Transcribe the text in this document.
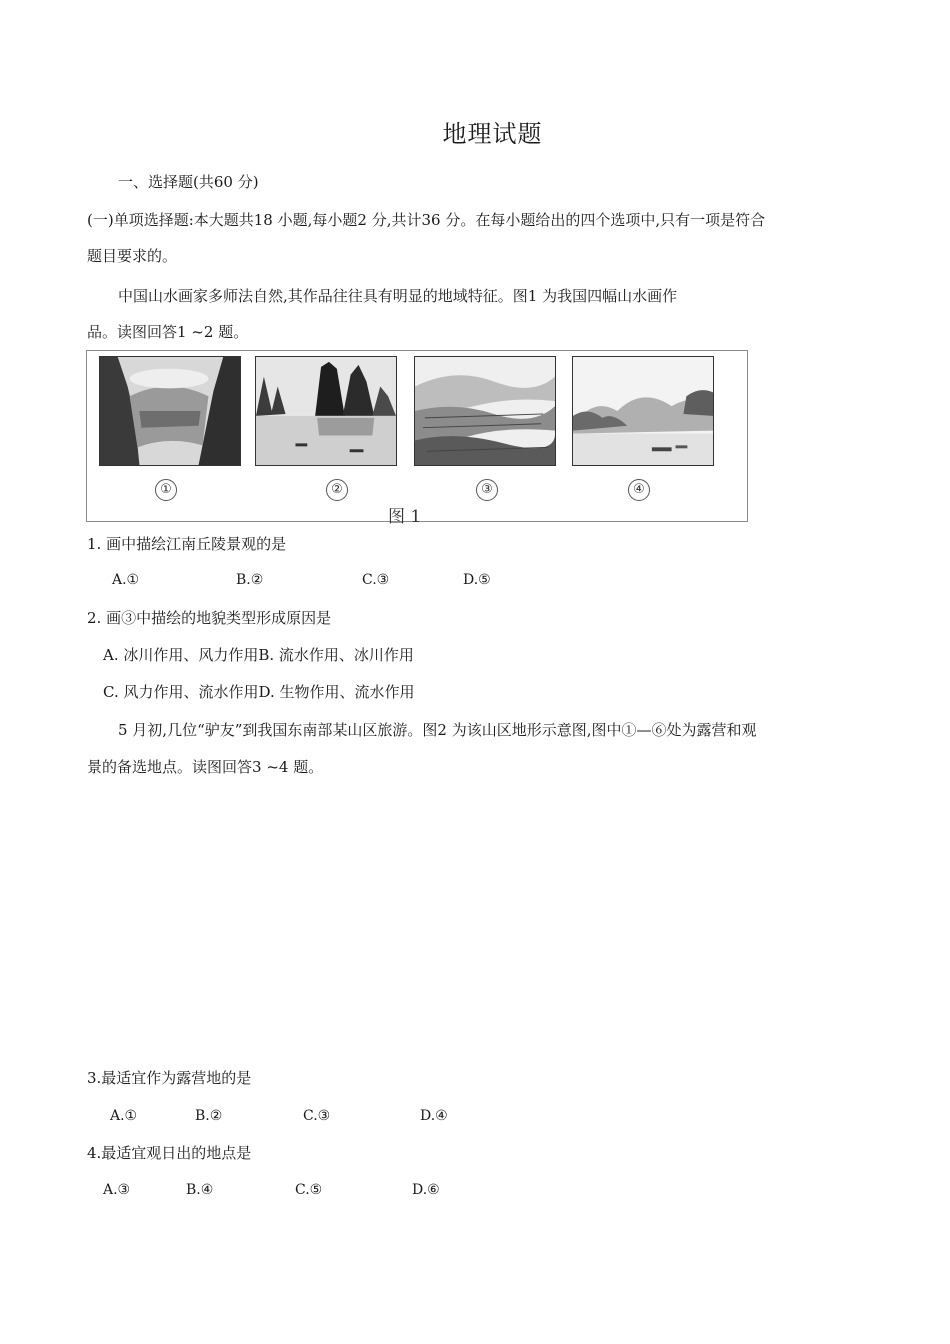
地理试题
一、选择题(共60 分)
(一)单项选择题:本大题共18 小题,每小题2 分,共计36 分。在每小题给出的四个选项中,只有一项是符合
题目要求的。
中国山水画家多师法自然,其作品往往具有明显的地域特征。图1 为我国四幅山水画作
品。读图回答1 ~2 题。
①	②	③	④
图 1
1. 画中描绘江南丘陵景观的是
A.①	B.②	C.③	D.⑤
2. 画③中描绘的地貌类型形成原因是
A. 冰川作用、风力作用B. 流水作用、冰川作用
C. 风力作用、流水作用D. 生物作用、流水作用
5 月初,几位“驴友”到我国东南部某山区旅游。图2 为该山区地形示意图,图中①—⑥处为露营和观
景的备选地点。读图回答3 ~4 题。
3.最适宜作为露营地的是
A.①	B.②	C.③	D.④
4.最适宜观日出的地点是
A.③	B.④	C.⑤	D.⑥
